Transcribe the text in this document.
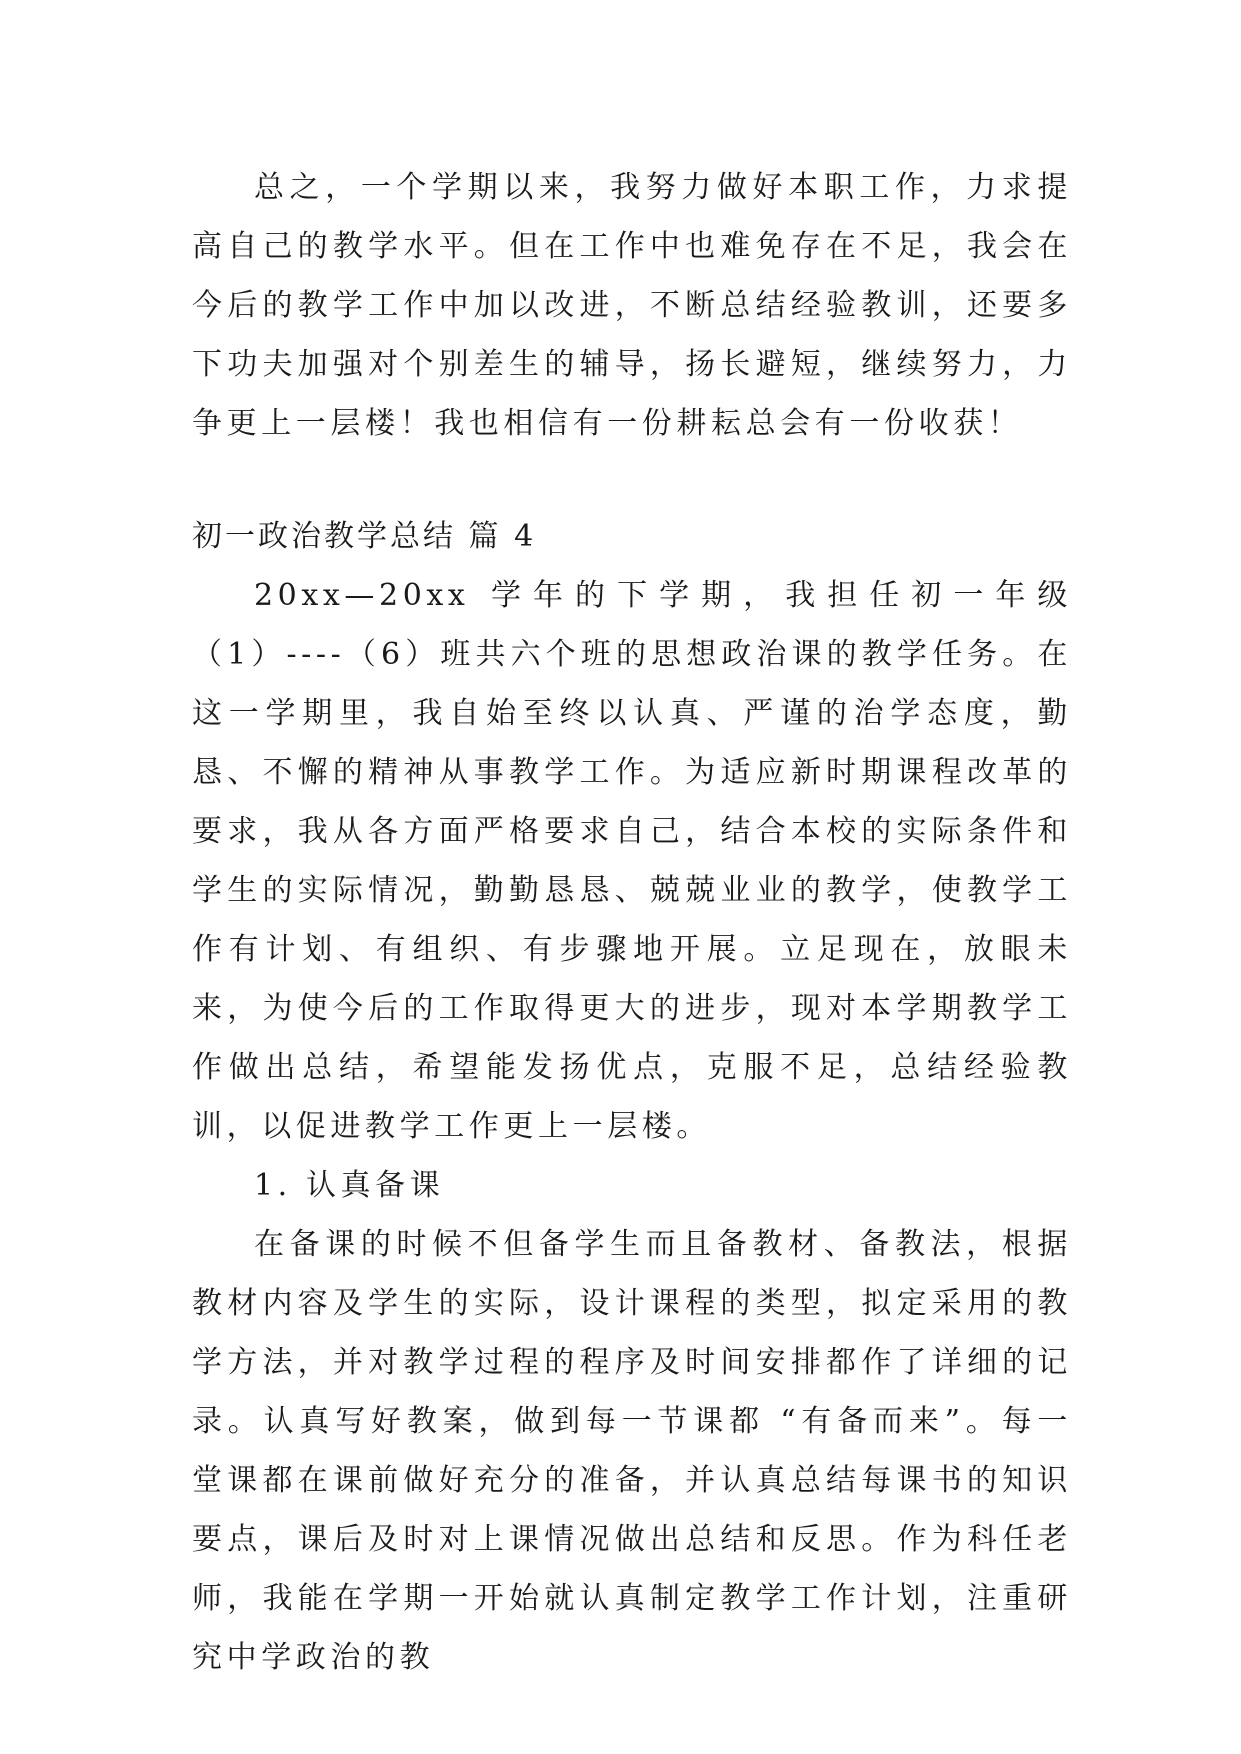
总之，一个学期以来，我努力做好本职工作，力求提高自己的教学水平。但在工作中也难免存在不足，我会在今后的教学工作中加以改进，不断总结经验教训，还要多下功夫加强对个别差生的辅导，扬长避短，继续努力，力争更上一层楼！我也相信有一份耕耘总会有一份收获！

初一政治教学总结 篇 4

20xx—20xx 学年的下学期，我担任初一年级（1）----（6）班共六个班的思想政治课的教学任务。在这一学期里，我自始至终以认真、严谨的治学态度，勤恳、不懈的精神从事教学工作。为适应新时期课程改革的要求，我从各方面严格要求自己，结合本校的实际条件和学生的实际情况，勤勤恳恳、兢兢业业的教学，使教学工作有计划、有组织、有步骤地开展。立足现在，放眼未来，为使今后的工作取得更大的进步，现对本学期教学工作做出总结，希望能发扬优点，克服不足，总结经验教训，以促进教学工作更上一层楼。

1. 认真备课

在备课的时候不但备学生而且备教材、备教法，根据教材内容及学生的实际，设计课程的类型，拟定采用的教学方法，并对教学过程的程序及时间安排都作了详细的记录。认真写好教案，做到每一节课都 “有备而来”。每一堂课都在课前做好充分的准备，并认真总结每课书的知识要点，课后及时对上课情况做出总结和反思。作为科任老师，我能在学期一开始就认真制定教学工作计划，注重研究中学政治的教
